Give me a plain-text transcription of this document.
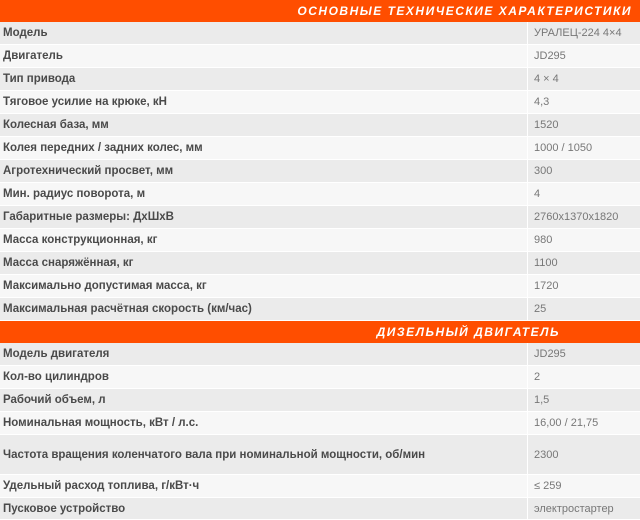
ОСНОВНЫЕ ТЕХНИЧЕСКИЕ ХАРАКТЕРИСТИКИ
Модель	УРАЛЕЦ-224 4×4
Двигатель	JD295
Тип привода	4 × 4
Тяговое усилие на крюке, кН	4,3
Колесная база, мм	1520
Колея передних / задних колес, мм	1000 / 1050
Агротехнический просвет, мм	300
Мин. радиус поворота, м	4
Габаритные размеры: ДхШхВ	2760х1370х1820
Масса конструкционная, кг	980
Масса снаряжённая, кг	1100
Максимально допустимая масса, кг	1720
Максимальная расчётная скорость (км/час)	25
ДИЗЕЛЬНЫЙ ДВИГАТЕЛЬ
Модель двигателя	JD295
Кол-во цилиндров	2
Рабочий объем, л	1,5
Номинальная мощность, кВт / л.с.	16,00 / 21,75
Частота вращения коленчатого вала при номинальной мощности, об/мин	2300
Удельный расход топлива, г/кВт·ч	≤ 259
Пусковое устройство	электростартер
